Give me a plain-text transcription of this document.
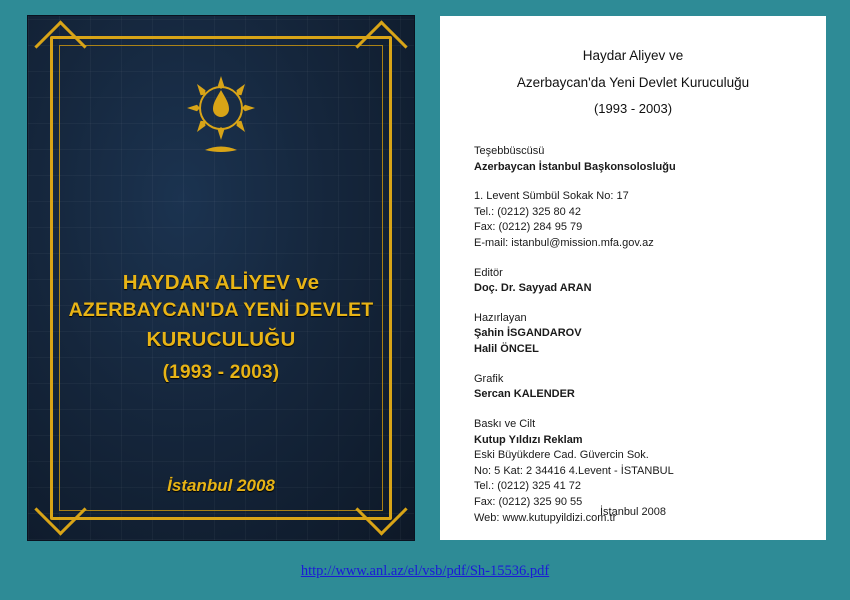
HAYDAR ALİYEV ve
AZERBAYCAN'DA YENİ DEVLET
KURUCULUĞU
(1993 - 2003)
İstanbul 2008
Haydar Aliyev ve
Azerbaycan'da Yeni Devlet Kuruculuğu
(1993 - 2003)
Teşebbüscüsü
Azerbaycan İstanbul Başkonsolosluğu
1. Levent Sümbül Sokak No: 17
Tel.: (0212) 325 80 42
Fax: (0212) 284 95 79
E-mail: istanbul@mission.mfa.gov.az
Editör
Doç. Dr. Sayyad ARAN
Hazırlayan
Şahin İSGANDAROV
Halil ÖNCEL
Grafik
Sercan KALENDER
Baskı ve Cilt
Kutup Yıldızı Reklam
Eski Büyükdere Cad. Güvercin Sok.
No: 5 Kat: 2 34416 4.Levent - İSTANBUL
Tel.: (0212) 325 41 72
Fax: (0212) 325 90 55
Web: www.kutupyildizi.com.tr
İstanbul 2008
http://www.anl.az/el/vsb/pdf/Sh-15536.pdf
